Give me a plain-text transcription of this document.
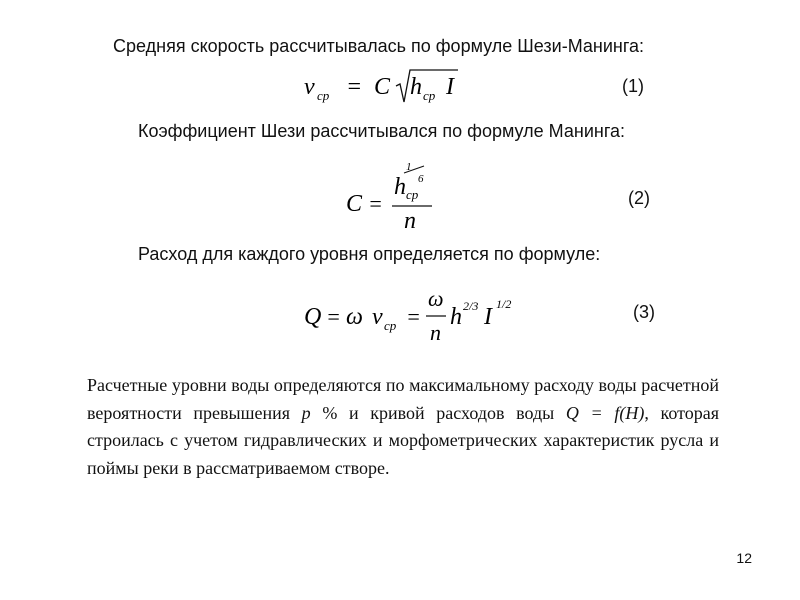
Средняя скорость рассчитывалась по формуле Шези-Манинга:
v ср = C h ср I	(1)
Коэффициент Шези рассчитывался по формуле Манинга:
C =
h ср
1
6
n
(2)
Расход для каждого уровня определяется по формуле:
Q = ω v ср =
ω
n
h 2/3 I 1/2	(3)
Расчетные уровни воды определяются по максимальному расходу воды расчетной вероятности превышения р % и кривой расходов воды Q = f(H), которая строилась с учетом гидравлических и морфометрических характеристик русла и поймы реки в рассматриваемом створе.
12
